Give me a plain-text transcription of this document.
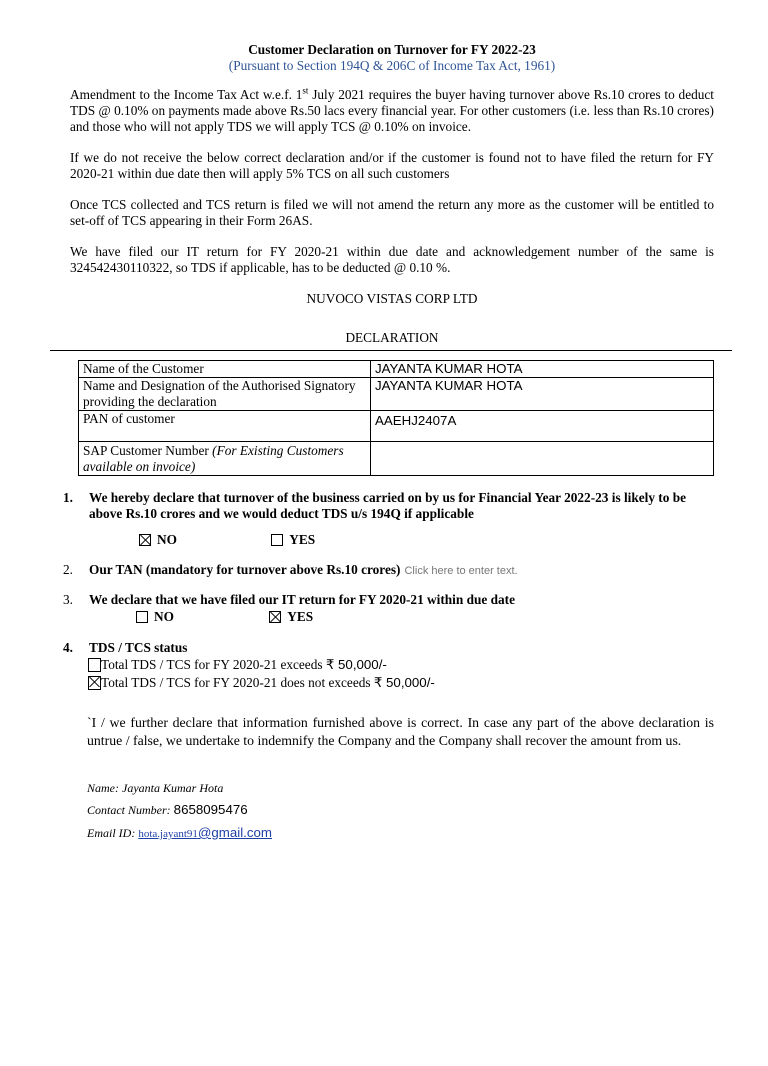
Customer Declaration on Turnover for FY 2022-23
(Pursuant to Section 194Q & 206C of Income Tax Act, 1961)

Amendment to the Income Tax Act w.e.f. 1st July 2021 requires the buyer having turnover above Rs.10 crores to deduct TDS @ 0.10% on payments made above Rs.50 lacs every financial year. For other customers (i.e. less than Rs.10 crores) and those who will not apply TDS we will apply TCS @ 0.10% on invoice.

If we do not receive the below correct declaration and/or if the customer is found not to have filed the return for FY 2020-21 within due date then will apply 5% TCS on all such customers

Once TCS collected and TCS return is filed we will not amend the return any more as the customer will be entitled to set-off of TCS appearing in their Form 26AS.

We have filed our IT return for FY 2020-21 within due date and acknowledgement number of the same is 324542430110322, so TDS if applicable, has to be deducted @ 0.10 %.

NUVOCO VISTAS CORP LTD
DECLARATION
Name of the Customer	JAYANTA KUMAR HOTA
Name and Designation of the Authorised Signatory providing the declaration	JAYANTA KUMAR HOTA
PAN of customer	AAEHJ2407A
SAP Customer Number (For Existing Customers available on invoice)	
1. We hereby declare that turnover of the business carried on by us for Financial Year 2022-23 is likely to be above Rs.10 crores and we would deduct TDS u/s 194Q if applicable
NO	YES
2. Our TAN (mandatory for turnover above Rs.10 crores) Click here to enter text.
3. We declare that we have filed our IT return for FY 2020-21 within due date
NO	YES
4. TDS / TCS status
Total TDS / TCS for FY 2020-21 exceeds ₹ 50,000/-
Total TDS / TCS for FY 2020-21 does not exceeds ₹ 50,000/-

`I / we further declare that information furnished above is correct. In case any part of the above declaration is untrue / false, we undertake to indemnify the Company and the Company shall recover the amount from us.

Name: Jayanta Kumar Hota
Contact Number: 8658095476
Email ID: hota.jayant91@gmail.com
